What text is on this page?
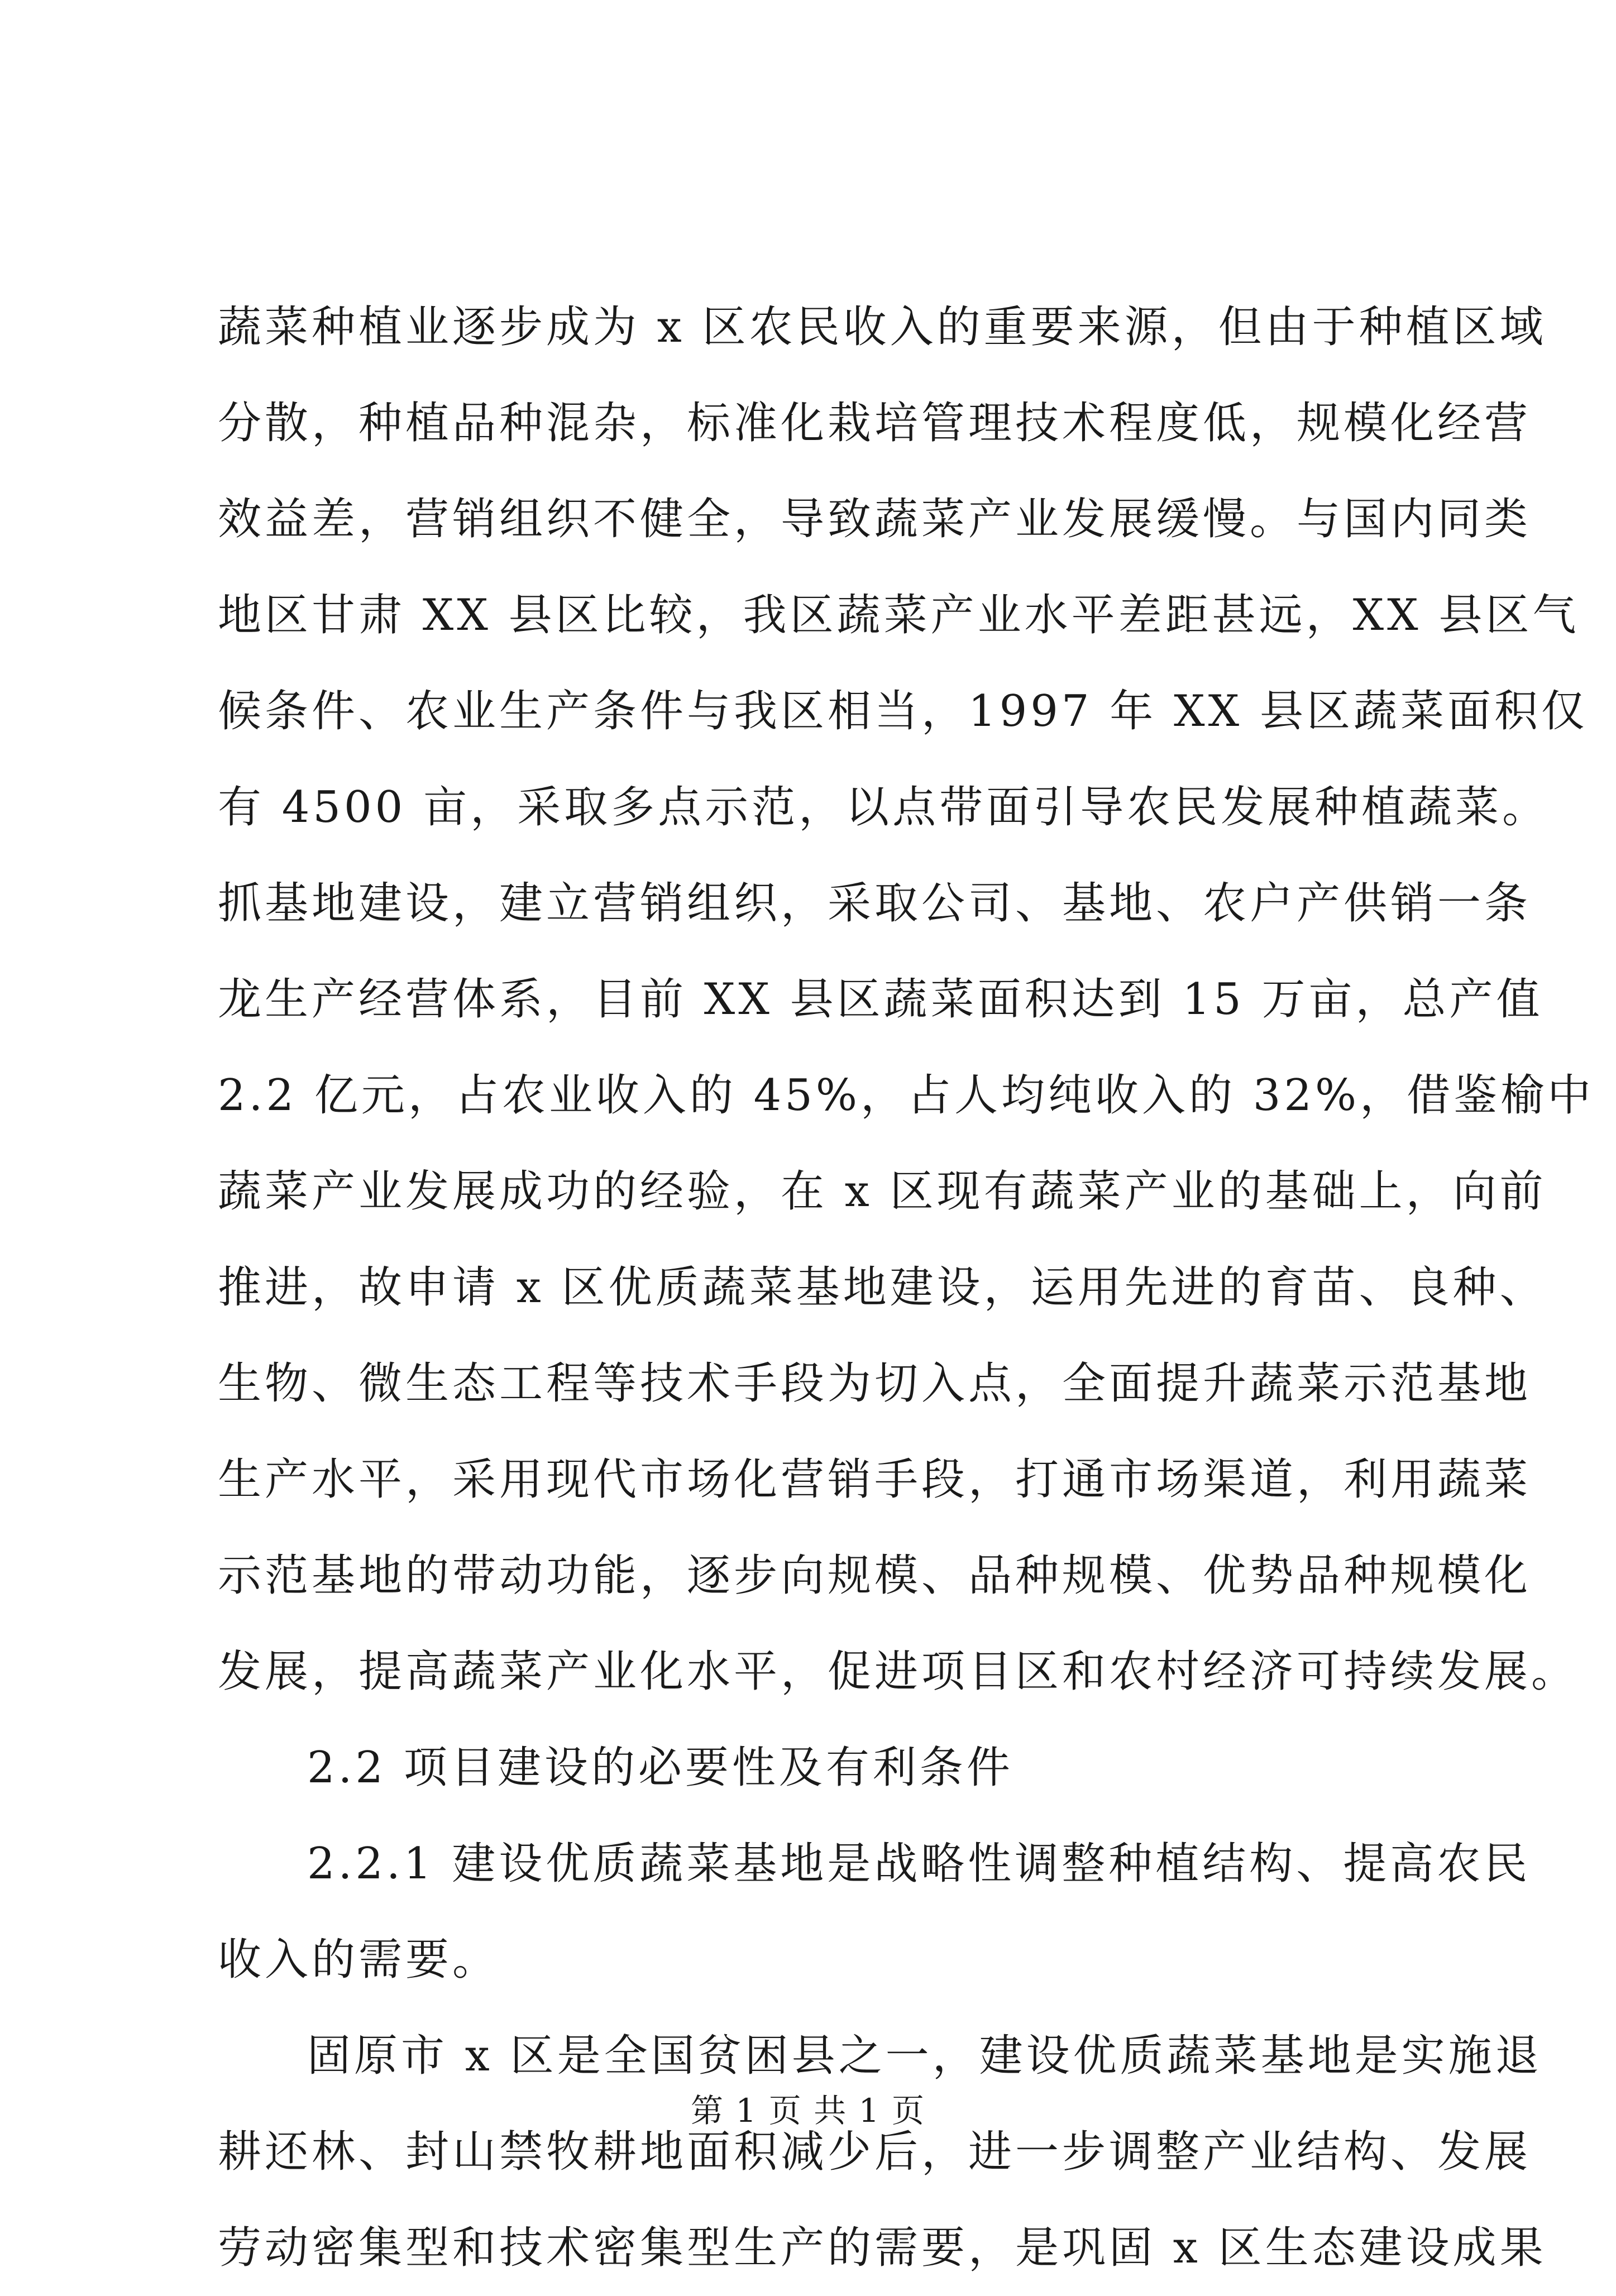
蔬菜种植业逐步成为 x 区农民收入的重要来源，但由于种植区域
分散，种植品种混杂，标准化栽培管理技术程度低，规模化经营
效益差，营销组织不健全，导致蔬菜产业发展缓慢。与国内同类
地区甘肃 XX 县区比较，我区蔬菜产业水平差距甚远，XX 县区气
候条件、农业生产条件与我区相当，1997 年 XX 县区蔬菜面积仅
有 4500 亩，采取多点示范，以点带面引导农民发展种植蔬菜。
抓基地建设，建立营销组织，采取公司、基地、农户产供销一条
龙生产经营体系，目前 XX 县区蔬菜面积达到 15 万亩，总产值
2.2 亿元，占农业收入的 45%，占人均纯收入的 32%，借鉴榆中
蔬菜产业发展成功的经验，在 x 区现有蔬菜产业的基础上，向前
推进，故申请 x 区优质蔬菜基地建设，运用先进的育苗、良种、
生物、微生态工程等技术手段为切入点，全面提升蔬菜示范基地
生产水平，采用现代市场化营销手段，打通市场渠道，利用蔬菜
示范基地的带动功能，逐步向规模、品种规模、优势品种规模化
发展，提高蔬菜产业化水平，促进项目区和农村经济可持续发展。
2.2 项目建设的必要性及有利条件
2.2.1 建设优质蔬菜基地是战略性调整种植结构、提高农民
收入的需要。
固原市 x 区是全国贫困县之一，建设优质蔬菜基地是实施退
耕还林、封山禁牧耕地面积减少后，进一步调整产业结构、发展
劳动密集型和技术密集型生产的需要，是巩固 x 区生态建设成果
第 1 页 共 1 页
